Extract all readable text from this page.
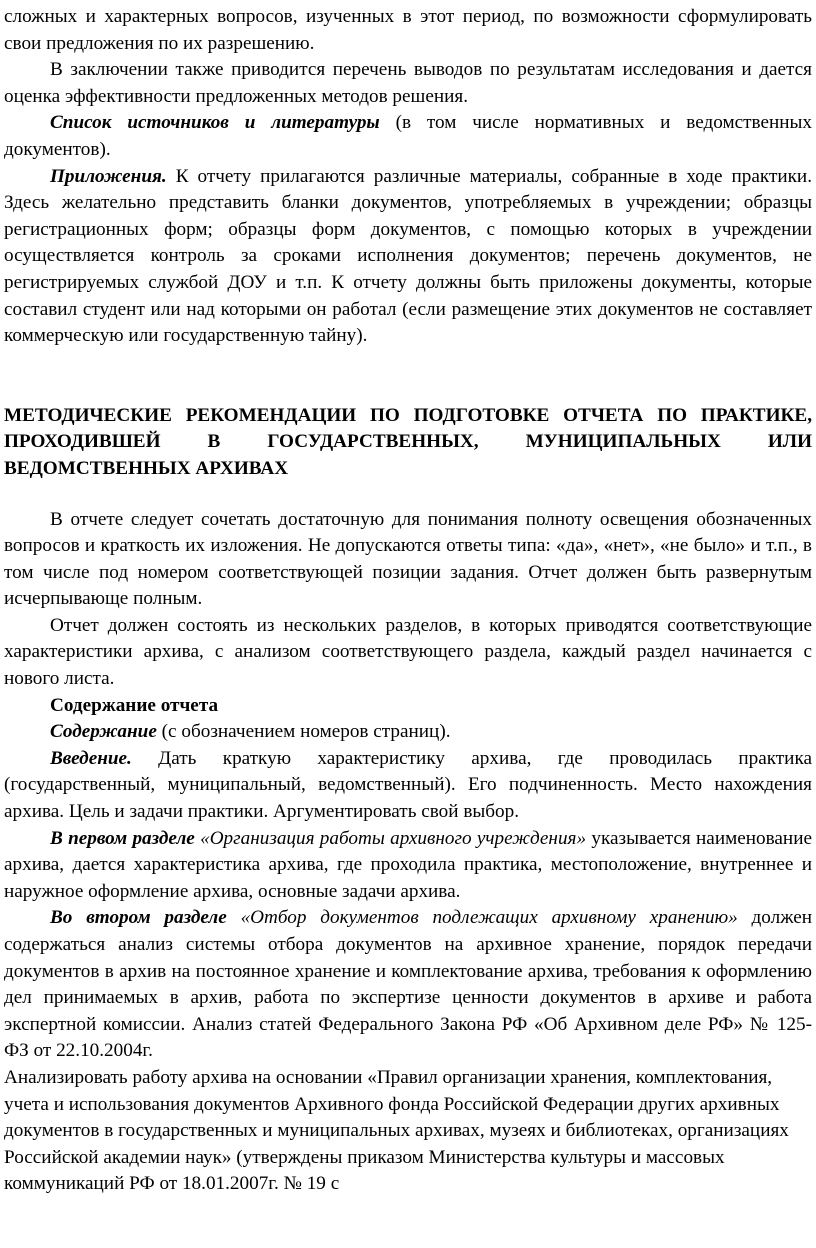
сложных и характерных вопросов, изученных в этот период, по возможности сформулировать свои предложения по их разрешению.

В заключении также приводится перечень выводов по результатам исследования и дается оценка эффективности предложенных методов решения.

Список источников и литературы (в том числе нормативных и ведомственных документов).

Приложения. К отчету прилагаются различные материалы, собранные в ходе практики. Здесь желательно представить бланки документов, употребляемых в учреждении; образцы регистрационных форм; образцы форм документов, с помощью которых в учреждении осуществляется контроль за сроками исполнения документов; перечень документов, не регистрируемых службой ДОУ и т.п. К отчету должны быть приложены документы, которые составил студент или над которыми он работал (если размещение этих документов не составляет коммерческую или государственную тайну).

МЕТОДИЧЕСКИЕ РЕКОМЕНДАЦИИ ПО ПОДГОТОВКЕ ОТЧЕТА ПО ПРАКТИКЕ, ПРОХОДИВШЕЙ В ГОСУДАРСТВЕННЫХ, МУНИЦИПАЛЬНЫХ ИЛИ ВЕДОМСТВЕННЫХ АРХИВАХ

В отчете следует сочетать достаточную для понимания полноту освещения обозначенных вопросов и краткость их изложения. Не допускаются ответы типа: «да», «нет», «не было» и т.п., в том числе под номером соответствующей позиции задания. Отчет должен быть развернутым исчерпывающе полным.

Отчет должен состоять из нескольких разделов, в которых приводятся соответствующие характеристики архива, с анализом соответствующего раздела, каждый раздел начинается с нового листа.

Содержание отчета

Содержание (с обозначением номеров страниц).

Введение. Дать краткую характеристику архива, где проводилась практика (государственный, муниципальный, ведомственный). Его подчиненность. Место нахождения архива. Цель и задачи практики. Аргументировать свой выбор.

В первом разделе «Организация работы архивного учреждения» указывается наименование архива, дается характеристика архива, где проходила практика, местоположение, внутреннее и наружное оформление архива, основные задачи архива.

Во втором разделе «Отбор документов подлежащих архивному хранению» должен содержаться анализ системы отбора документов на архивное хранение, порядок передачи документов в архив на постоянное хранение и комплектование архива, требования к оформлению дел принимаемых в архив, работа по экспертизе ценности документов в архиве и работа экспертной комиссии. Анализ статей Федерального Закона РФ «Об Архивном деле РФ» № 125- ФЗ от 22.10.2004г.

Анализировать работу архива на основании «Правил организации хранения, комплектования, учета и использования документов Архивного фонда Российской Федерации других архивных документов в государственных и муниципальных архивах, музеях и библиотеках, организациях Российской академии наук» (утверждены приказом Министерства культуры и массовых коммуникаций РФ от 18.01.2007г. № 19 с
